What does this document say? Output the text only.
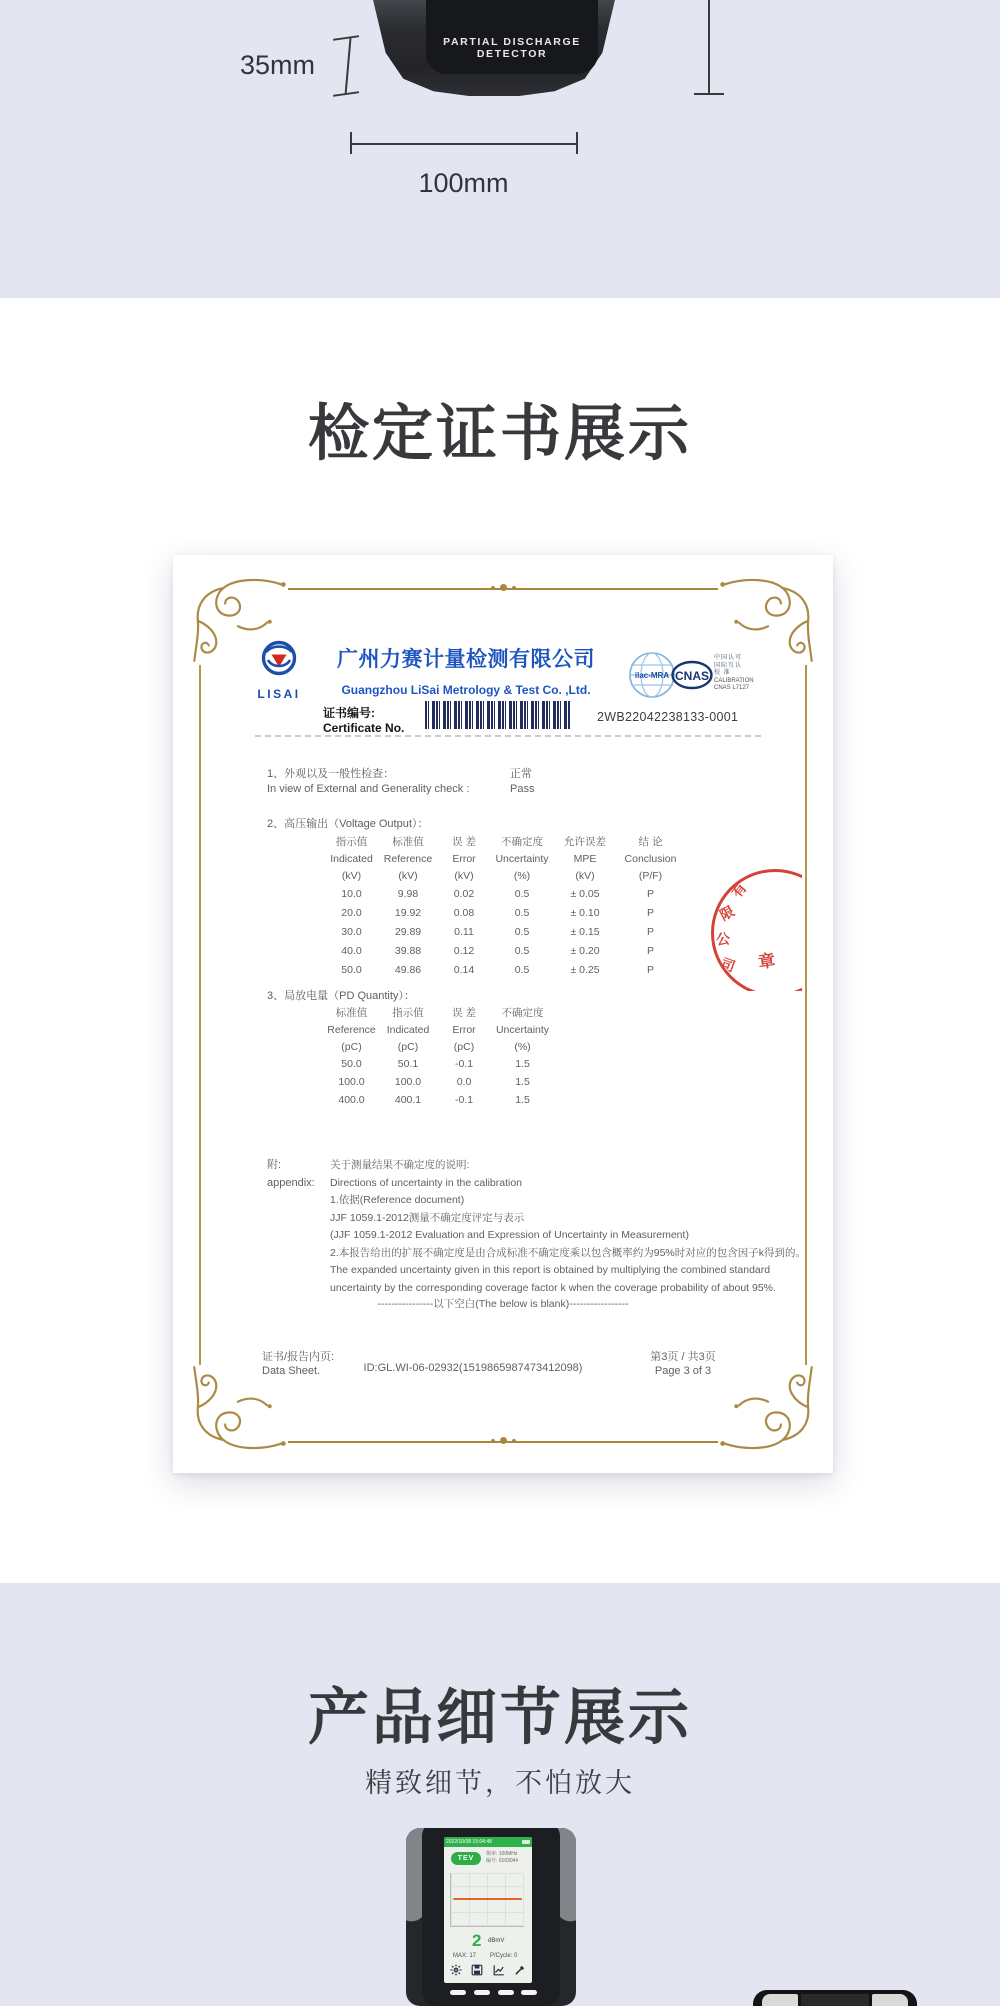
PARTIAL DISCHARGE DETECTOR
35mm
100mm
检定证书展示
LISAI
广州力赛计量检测有限公司
Guangzhou LiSai Metrology & Test Co. ,Ltd.
ilac-MRA CNAS
中国认可
国际互认
校 准
CALIBRATION
CNAS L7127
证书编号:
Certificate No.
2WB22042238133-0001
1、外观以及一般性检查：	正常
In view of External and Generality check :	Pass
2、高压输出（Voltage Output）：
指示值	标准值	误 差	不确定度	允许误差	结 论
Indicated	Reference	Error	Uncertainty	MPE	Conclusion
(kV)	(kV)	(kV)	(%)	(kV)	(P/F)
10.0	9.98	0.02	0.5	± 0.05	P
20.0	19.92	0.08	0.5	± 0.10	P
30.0	29.89	0.11	0.5	± 0.15	P
40.0	39.88	0.12	0.5	± 0.20	P
50.0	49.86	0.14	0.5	± 0.25	P
有
限
公
司 章
3、局放电量（PD Quantity）：
标准值	指示值	误 差	不确定度
Reference	Indicated	Error	Uncertainty
(pC)	(pC)	(pC)	(%)
50.0	50.1	-0.1	1.5
100.0	100.0	0.0	1.5
400.0	400.1	-0.1	1.5
附:
appendix:
关于测量结果不确定度的说明:
Directions of uncertainty in the calibration
1.依据(Reference document)
JJF 1059.1-2012测量不确定度评定与表示
(JJF 1059.1-2012 Evaluation and Expression of Uncertainty in Measurement)
2.本报告给出的扩展不确定度是由合成标准不确定度乘以包含概率约为95%时对应的包含因子k得到的。
The expanded uncertainty given in this report is obtained by multiplying the combined standard
uncertainty by the corresponding coverage factor k when the coverage probability of about 95%.
----------------以下空白(The below is blank)-----------------
证书/报告内页:
Data Sheet.	ID:GL.WI-06-02932(1519865987473412098)
第3页 / 共3页
Page 3 of 3
产品细节展示
精致细节，不怕放大
2022/10/08 15:04:48
TEV
频率: 100MHz
编号: 010304#
2 dBmV
MAX: 17 P/Cycle: 0
